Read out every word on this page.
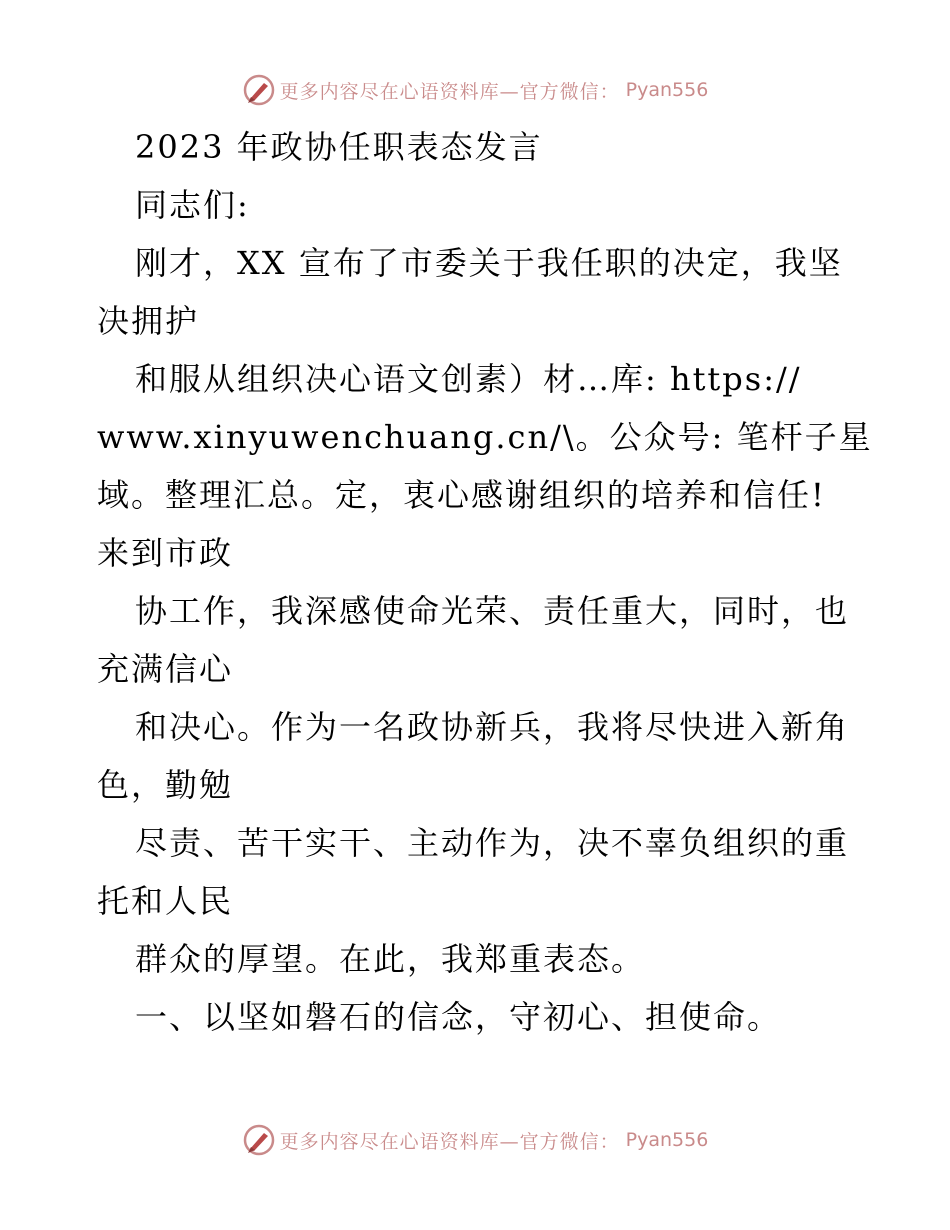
更多内容尽在心语资料库—官方微信： Pyan556
2023 年政协任职表态发言
同志们:
刚才，XX 宣布了市委关于我任职的决定，我坚
决拥护
和服从组织决心语文创素）材…库: https://
www.xinyuwenchuang.cn/\。公众号: 笔杆子星
域。整理汇总。定，衷心感谢组织的培养和信任!
来到市政
协工作，我深感使命光荣、责任重大，同时，也
充满信心
和决心。作为一名政协新兵，我将尽快进入新角
色，勤勉
尽责、苦干实干、主动作为，决不辜负组织的重
托和人民
群众的厚望。在此，我郑重表态。
一、以坚如磐石的信念，守初心、担使命。
更多内容尽在心语资料库—官方微信： Pyan556
